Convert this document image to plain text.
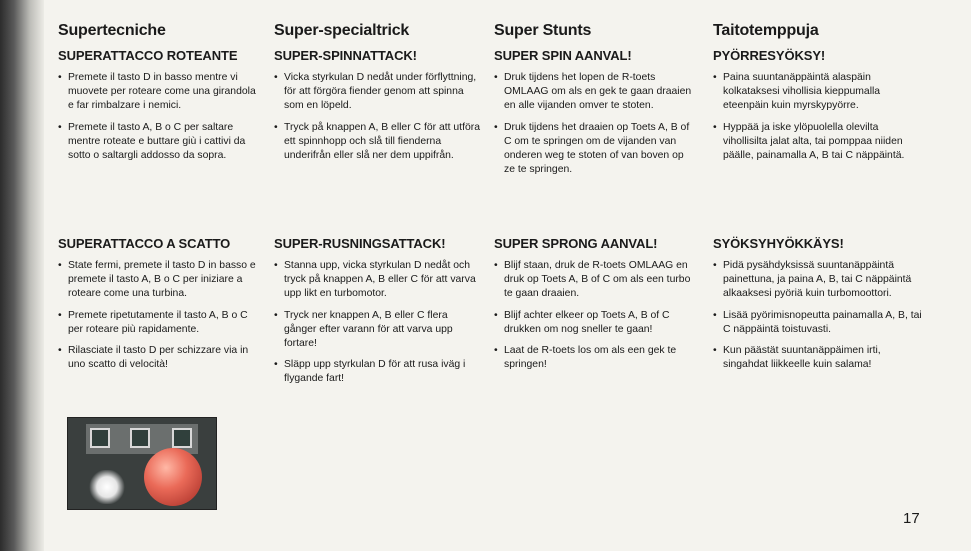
Supertecniche
SUPERATTACCO ROTEANTE
• Premete il tasto D in basso mentre vi muovete per roteare come una girandola e far rimbalzare i nemici.
• Premete il tasto A, B o C per saltare mentre roteate e buttare giù i cattivi da sotto o saltargli addosso da sopra.
SUPERATTACCO A SCATTO
• State fermi, premete il tasto D in basso e premete il tasto A, B o C per iniziare a roteare come una turbina.
• Premete ripetutamente il tasto A, B o C per roteare più rapidamente.
• Rilasciate il tasto D per schizzare via in uno scatto di velocità!
Super-specialtrick
SUPER-SPINNATTACK!
• Vicka styrkulan D nedåt under förflyttning, för att förgöra fiender genom att spinna som en löpeld.
• Tryck på knappen A, B eller C för att utföra ett spinnhopp och slå till fienderna underifrån eller slå ner dem uppifrån.
SUPER-RUSNINGSATTACK!
• Stanna upp, vicka styrkulan D nedåt och tryck på knappen A, B eller C för att varva upp likt en turbomotor.
• Tryck ner knappen A, B eller C flera gånger efter varann för att varva upp fortare!
• Släpp upp styrkulan D för att rusa iväg i flygande fart!
Super Stunts
SUPER SPIN AANVAL!
• Druk tijdens het lopen de R-toets OMLAAG om als en gek te gaan draaien en alle vijanden omver te stoten.
• Druk tijdens het draaien op Toets A, B of C om te springen om de vijanden van onderen weg te stoten of van boven op ze te springen.
SUPER SPRONG AANVAL!
• Blijf staan, druk de R-toets OMLAAG en druk op Toets A, B of C om als een turbo te gaan draaien.
• Blijf achter elkeer op Toets A, B of C drukken om nog sneller te gaan!
• Laat de R-toets los om als een gek te springen!
Taitotemppuja
PYÖRRESYÖKSY!
• Paina suuntanäppäintä alaspäin kolkataksesi vihollisia kieppumalla eteenpäin kuin myrskypyörre.
• Hyppää ja iske ylöpuolella olevilta vihollisilta jalat alta, tai pomppaa niiden päälle, painamalla A, B tai C näppäintä.
SYÖKSYHYÖKKÄYS!
• Pidä pysähdyksissä suuntanäppäintä painettuna, ja paina A, B, tai C näppäintä alkaaksesi pyöriä kuin turbomoottori.
• Lisää pyörimisnopeutta painamalla A, B, tai C näppäintä toistuvasti.
• Kun päästät suuntanäppäimen irti, singahdat liikkeelle kuin salama!
17
